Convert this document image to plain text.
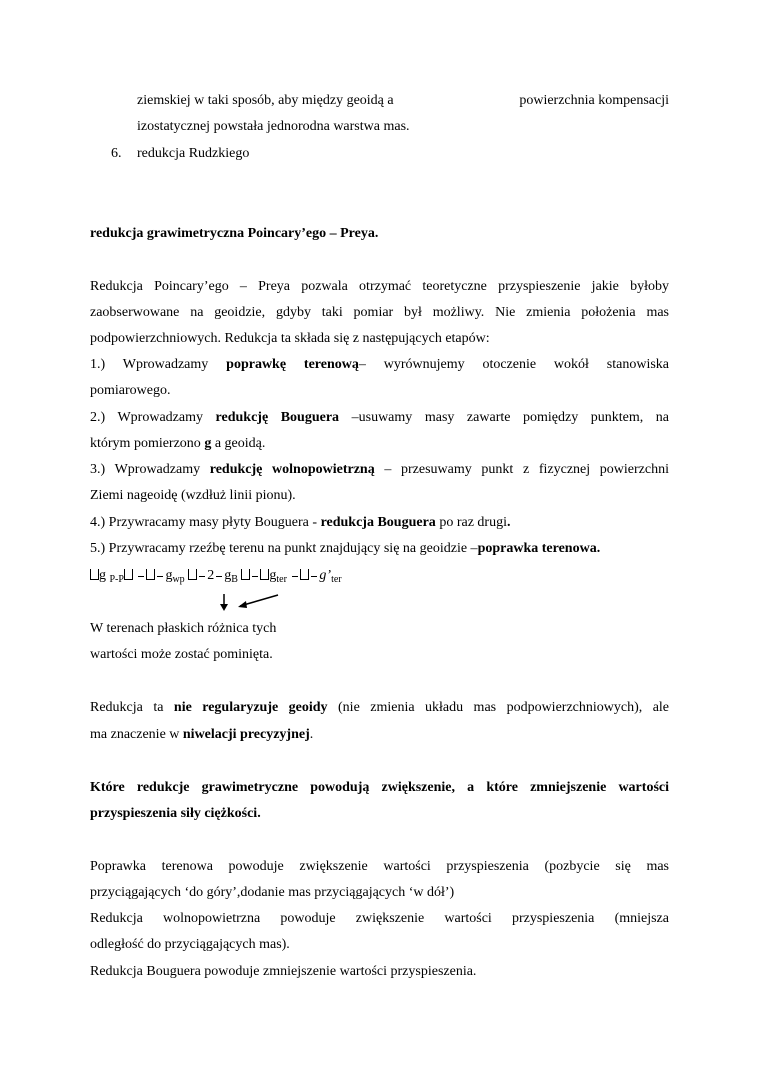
ziemskiej w taki sposób, aby między geoidą a	powierzchnia kompensacji
izostatycznej powstała jednorodna warstwa mas.
6. redukcja Rudzkiego
redukcja grawimetryczna Poincary’ego – Preya.
Redukcja Poincary’ego – Preya pozwala otrzymać teoretyczne przyspieszenie jakie byłoby
zaobserwowane na geoidzie, gdyby taki pomiar był możliwy. Nie zmienia położenia mas
podpowierzchniowych. Redukcja ta składa się z następujących etapów:
1.) Wprowadzamy poprawkę terenową– wyrównujemy otoczenie wokół stanowiska
pomiarowego.
2.) Wprowadzamy redukcję Bouguera –usuwamy masy zawarte pomiędzy punktem, na
którym pomierzono g a geoidą.
3.) Wprowadzamy redukcję wolnopowietrzną – przesuwamy punkt z fizycznej powierzchni
Ziemi nageoidę (wzdłuż linii pionu).
4.) Przywracamy masy płyty Bouguera - redukcja Bouguera po raz drugi.
5.) Przywracamy rzeźbę terenu na punkt znajdujący się na geoidzie –poprawka terenowa.
g $_{P-P}$	$g_{wp}$ 2 $g_B$ $g_{ter}$ $g’_{ter}$
W terenach płaskich różnica tych
wartości może zostać pominięta.
Redukcja ta nie regularyzuje geoidy (nie zmienia układu mas podpowierzchniowych), ale
ma znaczenie w niwelacji precyzyjnej.
Które redukcje grawimetryczne powodują zwiększenie, a które zmniejszenie wartości
przyspieszenia siły ciężkości.
Poprawka terenowa powoduje zwiększenie wartości przyspieszenia (pozbycie się mas
przyciągających ‘do góry’,dodanie mas przyciągających ‘w dół’)
Redukcja wolnopowietrzna powoduje zwiększenie wartości przyspieszenia (mniejsza
odległość do przyciągających mas).
Redukcja Bouguera powoduje zmniejszenie wartości przyspieszenia.
